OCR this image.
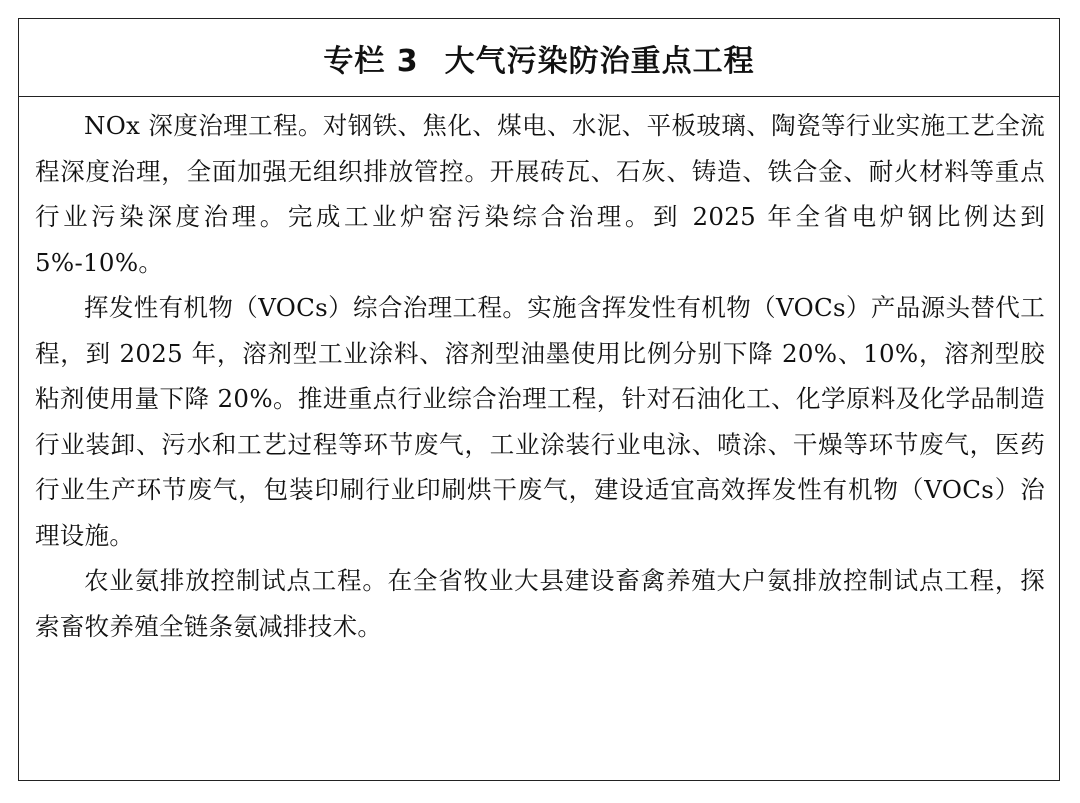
专栏 3 大气污染防治重点工程

NOx 深度治理工程。对钢铁、焦化、煤电、水泥、平板玻璃、陶瓷等行业实施工艺全流程深度治理，全面加强无组织排放管控。开展砖瓦、石灰、铸造、铁合金、耐火材料等重点行业污染深度治理。完成工业炉窑污染综合治理。到 2025 年全省电炉钢比例达到 5%-10%。

挥发性有机物（VOCs）综合治理工程。实施含挥发性有机物（VOCs）产品源头替代工程，到 2025 年，溶剂型工业涂料、溶剂型油墨使用比例分别下降 20%、10%，溶剂型胶粘剂使用量下降 20%。推进重点行业综合治理工程，针对石油化工、化学原料及化学品制造行业装卸、污水和工艺过程等环节废气，工业涂装行业电泳、喷涂、干燥等环节废气，医药行业生产环节废气，包装印刷行业印刷烘干废气，建设适宜高效挥发性有机物（VOCs）治理设施。

农业氨排放控制试点工程。在全省牧业大县建设畜禽养殖大户氨排放控制试点工程，探索畜牧养殖全链条氨减排技术。
